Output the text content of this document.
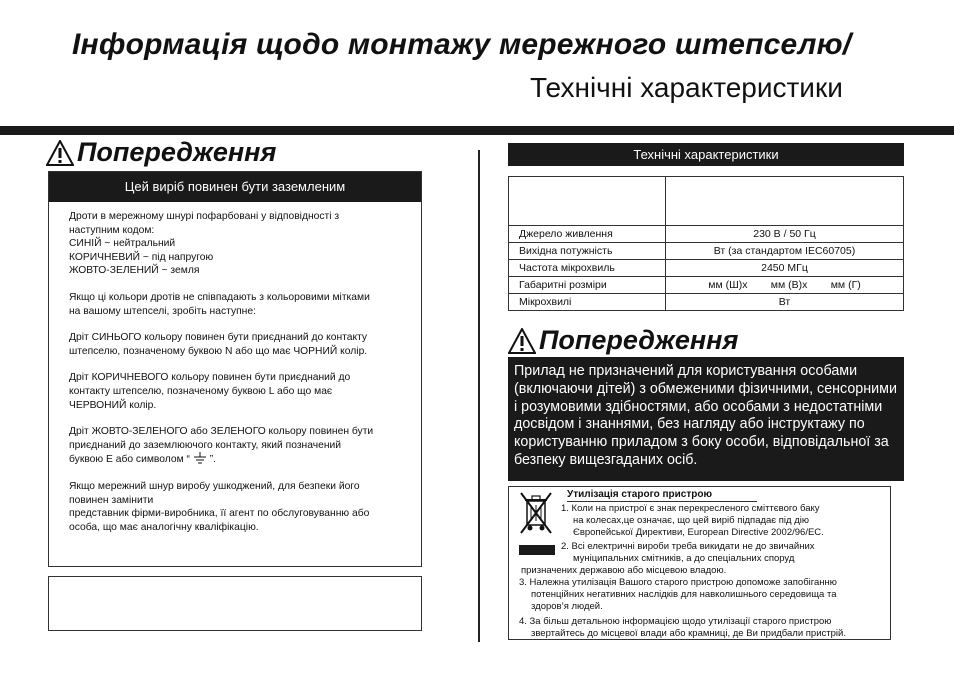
Інформація щодо монтажу мережного штепселю/
Технічні характеристики
Попередження
Цей виріб повинен бути заземленим

Дроти в мережному шнурі пофарбовані у відповідності з
наступним кодом:
СИНІЙ ~ нейтральний
КОРИЧНЕВИЙ ~ під напругою
ЖОВТО-ЗЕЛЕНИЙ ~ земля

Якщо ці кольори дротів не співпадають з кольоровими мітками
на вашому штепселі, зробіть наступне:

Дріт СИНЬОГО кольору повинен бути приєднаний до контакту
штепселю, позначеному буквою N або що має ЧОРНИЙ колір.

Дріт КОРИЧНЕВОГО кольору повинен бути приєднаний до
контакту штепселю, позначеному буквою L або що має
ЧЕРВОНИЙ колір.

Дріт ЖОВТО-ЗЕЛЕНОГО або ЗЕЛЕНОГО кольору повинен бути
приєднаний до заземлюючого контакту, який позначений
буквою E або символом “ ”.

Якщо мережний шнур виробу ушкоджений, для безпеки його
повинен замінити
представник фірми-виробника, її агент по обслуговуванню або
особа, що має аналогічну кваліфікацію.

Технічні характеристики

Джерело живлення	230 В / 50 Гц
Вихідна потужність	Вт (за стандартом IEC60705)
Частота мікрохвиль	2450 МГц
Габаритні розміри	мм (Ш)х        мм (В)х        мм (Г)
Мікрохвилі	Вт
Попередження
Прилад не призначений для користування особами (включаючи дітей) з обмеженими фізичними, сенсорними і розумовими здібностями, або особами з недостатніми досвідом і знаннями, без нагляду або інструктажу по користуванню приладом з боку особи, відповідальної за безпеку вищезгаданих осіб.
Утилізація старого пристрою
1. Коли на пристрої є знак перекресленого сміттєвого баку
на колесах,це означає, що цей виріб підпадає під дію
Європейської Директиви, European Directive 2002/96/EC.
2. Всі електричні вироби треба викидати не до звичайних
муніципальних смітників, а до спеціальних споруд
призначених державою або місцевою владою.
3. Належна утилізація Вашого старого пристрою допоможе запобіганню
потенційних негативних наслідків для навколишнього середовища та
здоров’я людей.
4. За більш детальною інформацією щодо утилізації старого пристрою
звертайтесь до місцевої влади або крамниці, де Ви придбали пристрій.
